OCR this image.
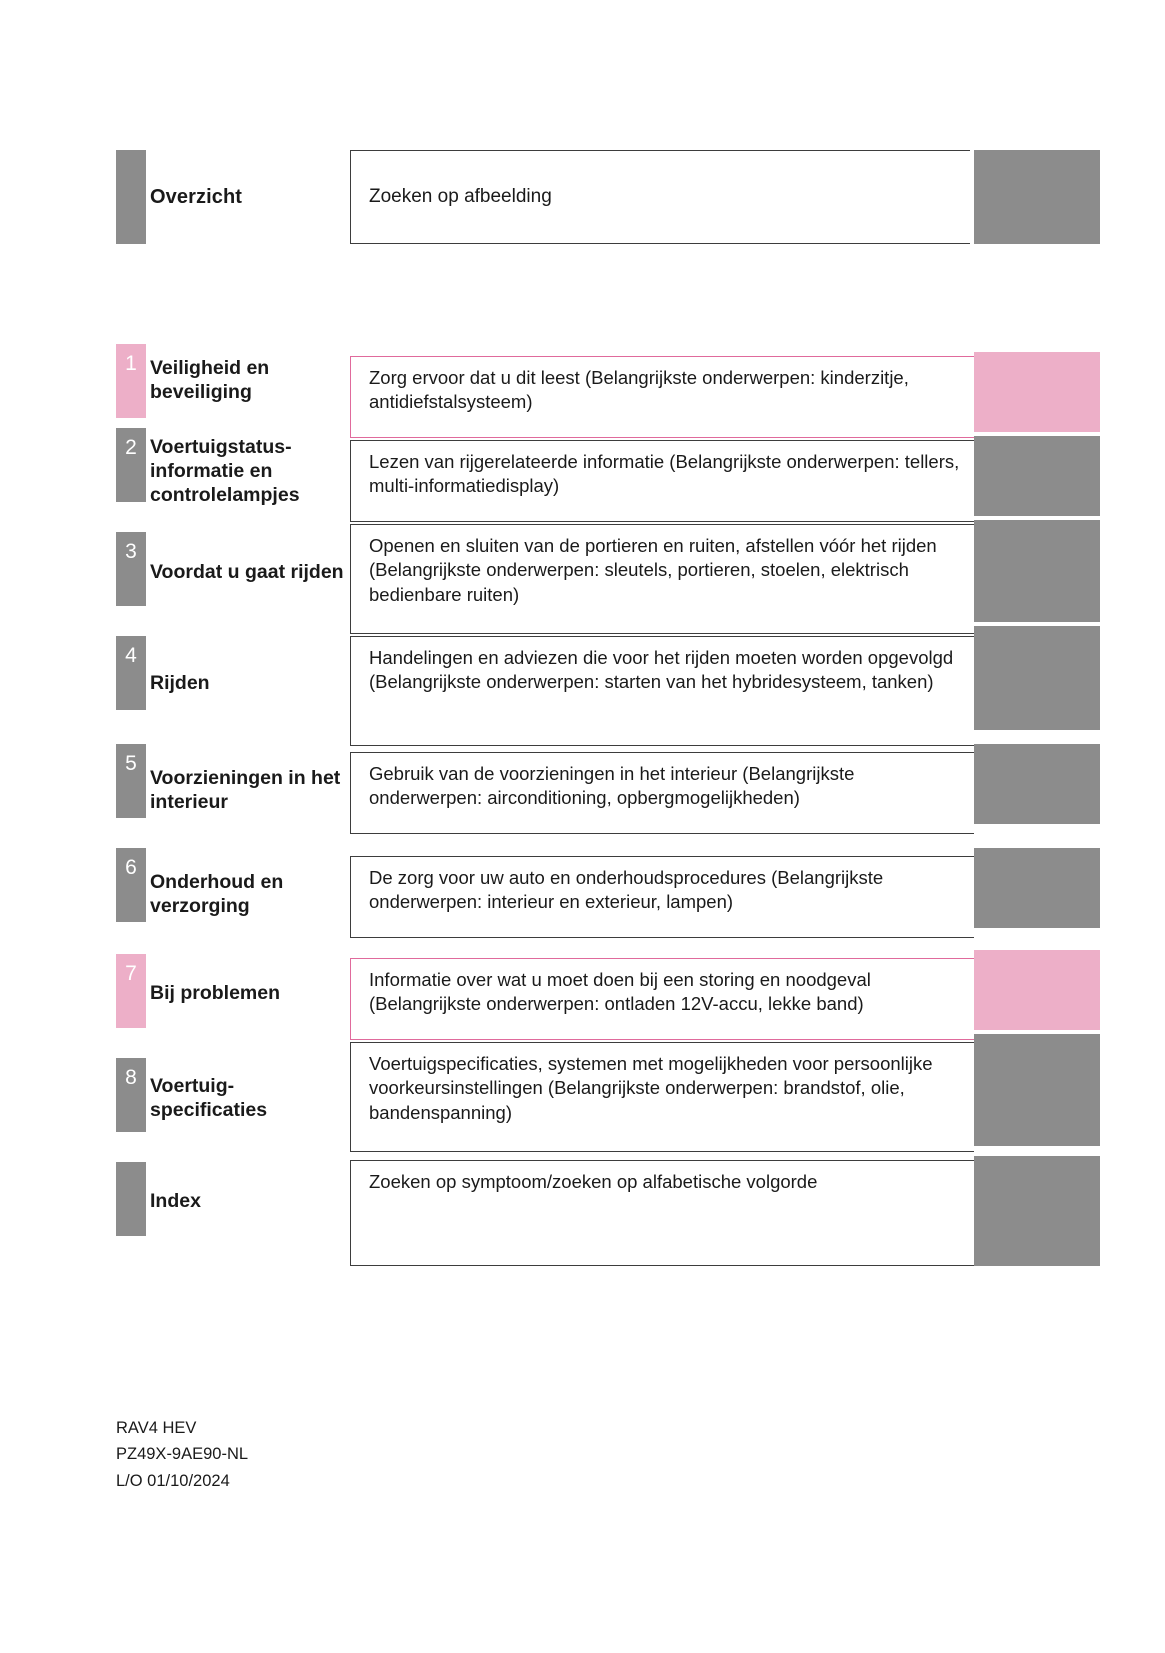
Overzicht	Zoeken op afbeelding
1
2
3
4
5
6
7
8
Veiligheid en beveiliging
Voertuigstatus-informatie en controlelampjes
Voordat u gaat rijden
Rijden
Voorzieningen in het interieur
Onderhoud en verzorging
Bij problemen
Voertuig-specificaties
Index
Zorg ervoor dat u dit leest (Belangrijkste onderwerpen: kinderzitje, antidiefstalsysteem)
Lezen van rijgerelateerde informatie (Belangrijkste onderwerpen: tellers, multi-informatiedisplay)
Openen en sluiten van de portieren en ruiten, afstellen vóór het rijden (Belangrijkste onderwerpen: sleutels, portieren, stoelen, elektrisch bedienbare ruiten)
Handelingen en adviezen die voor het rijden moeten worden opgevolgd (Belangrijkste onderwerpen: starten van het hybridesysteem, tanken)
Gebruik van de voorzieningen in het interieur (Belangrijkste onderwerpen: airconditioning, opbergmogelijkheden)
De zorg voor uw auto en onderhoudsprocedures (Belangrijkste onderwerpen: interieur en exterieur, lampen)
Informatie over wat u moet doen bij een storing en noodgeval (Belangrijkste onderwerpen: ontladen 12V-accu, lekke band)
Voertuigspecificaties, systemen met mogelijkheden voor persoonlijke voorkeursinstellingen (Belangrijkste onderwerpen: brandstof, olie, bandenspanning)
Zoeken op symptoom/zoeken op alfabetische volgorde
RAV4 HEV
PZ49X-9AE90-NL
L/O 01/10/2024
